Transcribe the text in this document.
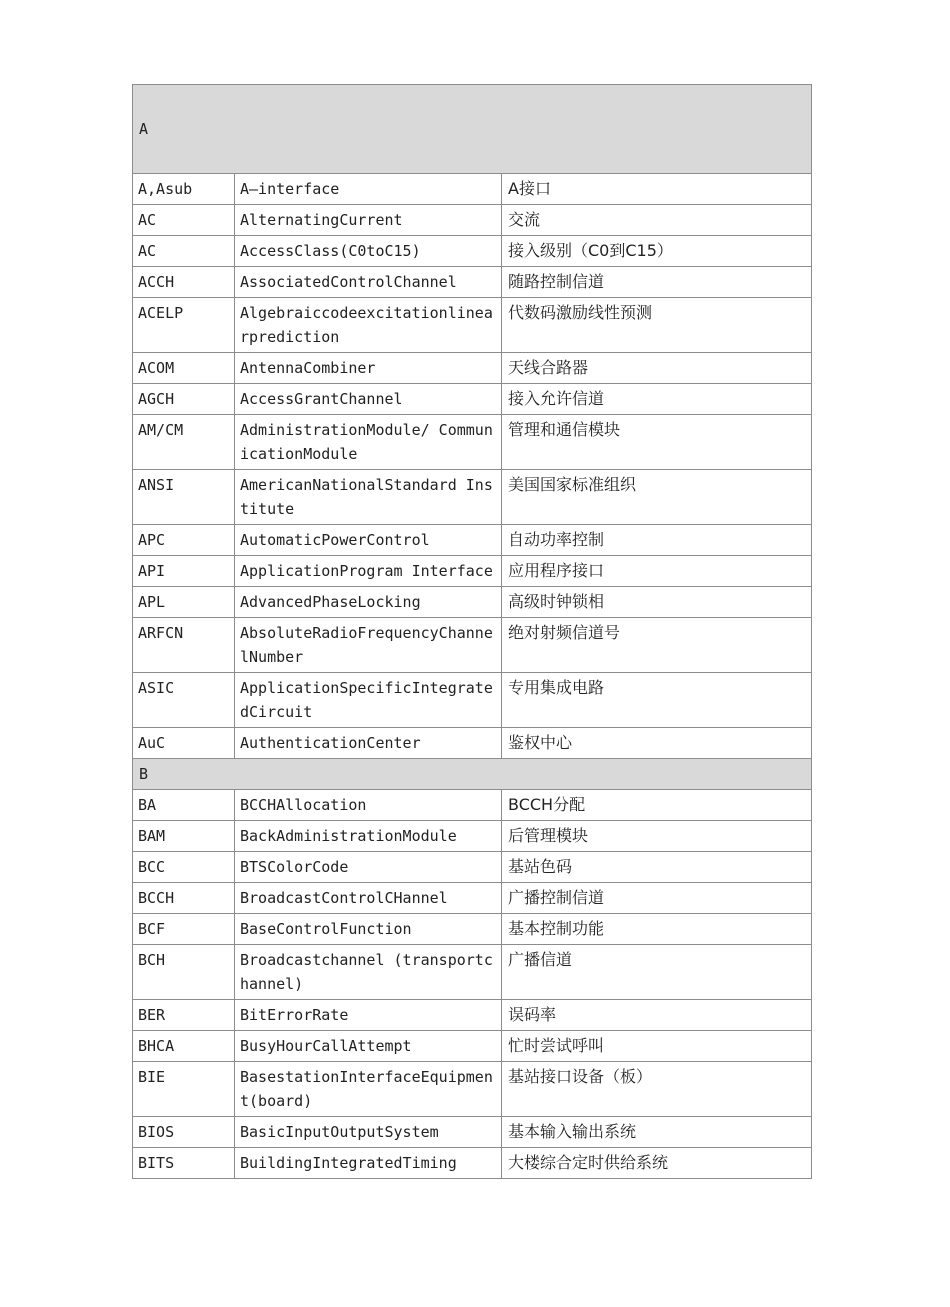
A		
A,Asub	A—interface	A接口
AC	AlternatingCurrent	交流
AC	AccessClass(C0toC15)	接入级别（C0到C15）
ACCH	AssociatedControlChannel	随路控制信道
ACELP	Algebraiccodeexcitationlinearprediction	代数码激励线性预测
ACOM	AntennaCombiner	天线合路器
AGCH	AccessGrantChannel	接入允许信道
AM/CM	AdministrationModule/ CommunicationModule	管理和通信模块
ANSI	AmericanNationalStandard Institute	美国国家标准组织
APC	AutomaticPowerControl	自动功率控制
API	ApplicationProgram Interface	应用程序接口
APL	AdvancedPhaseLocking	高级时钟锁相
ARFCN	AbsoluteRadioFrequencyChannelNumber	绝对射频信道号
ASIC	ApplicationSpecificIntegratedCircuit	专用集成电路
AuC	AuthenticationCenter	鉴权中心
B		
BA	BCCHAllocation	BCCH分配
BAM	BackAdministrationModule	后管理模块
BCC	BTSColorCode	基站色码
BCCH	BroadcastControlCHannel	广播控制信道
BCF	BaseControlFunction	基本控制功能
BCH	Broadcastchannel (transportchannel)	广播信道
BER	BitErrorRate	误码率
BHCA	BusyHourCallAttempt	忙时尝试呼叫
BIE	BasestationInterfaceEquipment(board)	基站接口设备（板）
BIOS	BasicInputOutputSystem	基本输入输出系统
BITS	BuildingIntegratedTiming	大楼综合定时供给系统
